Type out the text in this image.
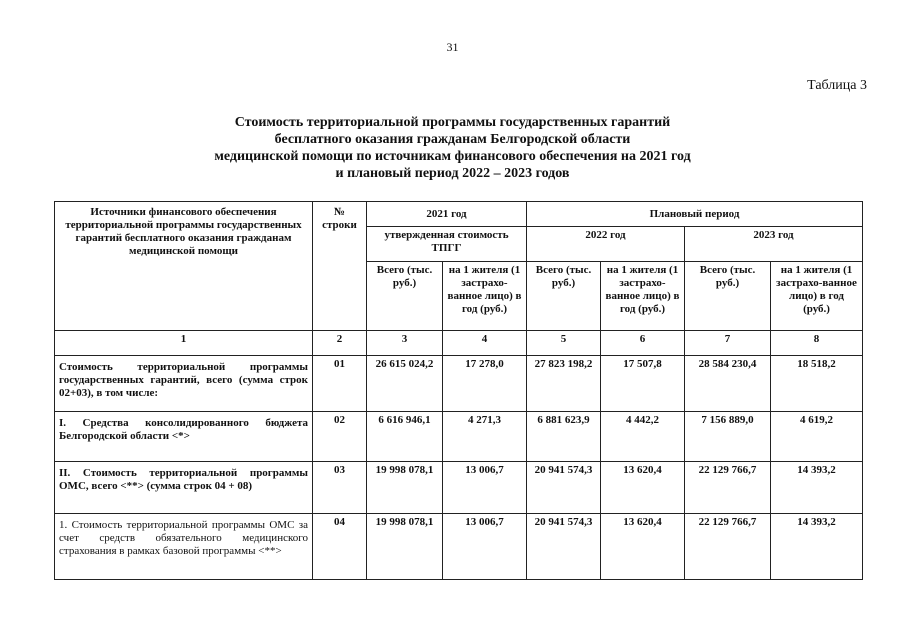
31
Таблица 3
Стоимость территориальной программы государственных гарантий
бесплатного оказания гражданам Белгородской области
медицинской помощи по источникам финансового обеспечения на 2021 год
и плановый период 2022 – 2023 годов
Источники финансового обеспечения территориальной программы государственных гарантий бесплатного оказания гражданам медицинской помощи	№ строки	2021 год		Плановый период			
		утвержденная стоимость ТПГГ		2022 год		2023 год	
		Всего (тыс. руб.)	на 1 жителя (1 застрахо-ванное лицо) в год (руб.)	Всего (тыс. руб.)	на 1 жителя (1 застрахо-ванное лицо) в год (руб.)	Всего (тыс. руб.)	на 1 жителя (1 застрахо-ванное лицо) в год (руб.)
1	2	3	4	5	6	7	8
Стоимость территориальной программы государственных гарантий, всего (сумма строк 02+03), в том числе:	01	26 615 024,2	17 278,0	27 823 198,2	17 507,8	28 584 230,4	18 518,2
I. Средства консолидированного бюджета Белгородской области <*>	02	6 616 946,1	4 271,3	6 881 623,9	4 442,2	7 156 889,0	4 619,2
II. Стоимость территориальной программы ОМС, всего <**> (сумма строк 04 + 08)	03	19 998 078,1	13 006,7	20 941 574,3	13 620,4	22 129 766,7	14 393,2
1. Стоимость территориальной программы ОМС за счет средств обязательного медицинского страхования в рамках базовой программы <**>	04	19 998 078,1	13 006,7	20 941 574,3	13 620,4	22 129 766,7	14 393,2
